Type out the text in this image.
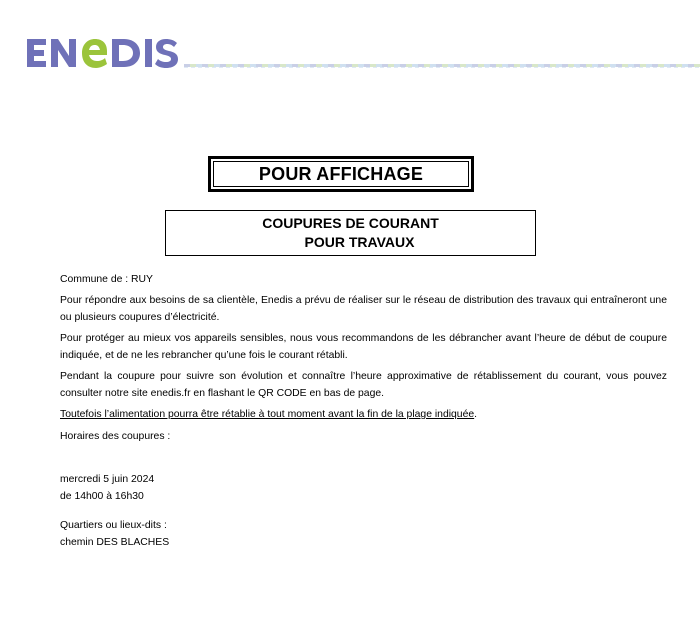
POUR AFFICHAGE
COUPURES DE COURANT
POUR TRAVAUX
Commune de : RUY
Pour répondre aux besoins de sa clientèle, Enedis a prévu de réaliser sur le réseau de distribution des travaux qui entraîneront une ou plusieurs coupures d’électricité.
Pour protéger au mieux vos appareils sensibles, nous vous recommandons de les débrancher avant l’heure de début de coupure indiquée, et de ne les rebrancher qu’une fois le courant rétabli.
Pendant la coupure pour suivre son évolution et connaître l’heure approximative de rétablissement du courant, vous pouvez consulter notre site enedis.fr en flashant le QR CODE en bas de page.
Toutefois l’alimentation pourra être rétablie à tout moment avant la fin de la plage indiquée.
Horaires des coupures :
mercredi 5 juin 2024
de 14h00 à 16h30
Quartiers ou lieux-dits :
chemin DES BLACHES
